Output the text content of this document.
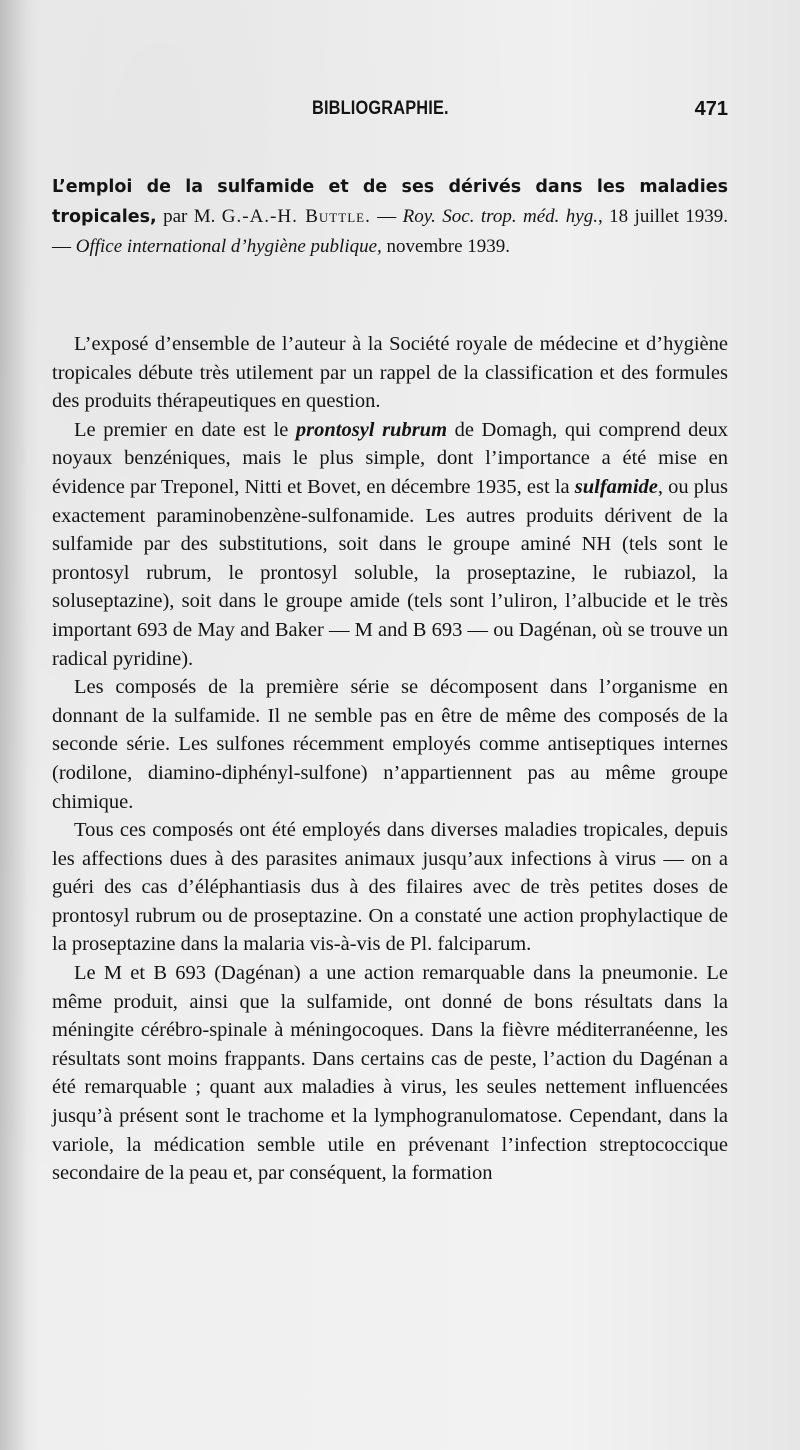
BIBLIOGRAPHIE.	471
L’emploi de la sulfamide et de ses dérivés dans les maladies tropicales, par M. G.-A.-H. Buttle. — Roy. Soc. trop. méd. hyg., 18 juillet 1939. — Office international d’hygiène publique, novembre 1939.

L’exposé d’ensemble de l’auteur à la Société royale de médecine et d’hygiène tropicales débute très utilement par un rappel de la classification et des formules des produits thérapeutiques en question.

Le premier en date est le prontosyl rubrum de Domagh, qui comprend deux noyaux benzéniques, mais le plus simple, dont l’importance a été mise en évidence par Treponel, Nitti et Bovet, en décembre 1935, est la sulfamide, ou plus exactement paraminobenzène-sulfonamide. Les autres produits dérivent de la sulfamide par des substitutions, soit dans le groupe aminé NH (tels sont le prontosyl rubrum, le prontosyl soluble, la proseptazine, le rubiazol, la soluseptazine), soit dans le groupe amide (tels sont l’uliron, l’albucide et le très important 693 de May and Baker — M and B 693 — ou Dagénan, où se trouve un radical pyridine).

Les composés de la première série se décomposent dans l’organisme en donnant de la sulfamide. Il ne semble pas en être de même des composés de la seconde série. Les sulfones récemment employés comme antiseptiques internes (rodilone, diamino-diphényl-sulfone) n’appartiennent pas au même groupe chimique.

Tous ces composés ont été employés dans diverses maladies tropicales, depuis les affections dues à des parasites animaux jusqu’aux infections à virus — on a guéri des cas d’éléphantiasis dus à des filaires avec de très petites doses de prontosyl rubrum ou de proseptazine. On a constaté une action prophylactique de la proseptazine dans la malaria vis-à-vis de Pl. falciparum.

Le M et B 693 (Dagénan) a une action remarquable dans la pneumonie. Le même produit, ainsi que la sulfamide, ont donné de bons résultats dans la méningite cérébro-spinale à méningocoques. Dans la fièvre méditerranéenne, les résultats sont moins frappants. Dans certains cas de peste, l’action du Dagénan a été remarquable ; quant aux maladies à virus, les seules nettement influencées jusqu’à présent sont le trachome et la lymphogranulomatose. Cependant, dans la variole, la médication semble utile en prévenant l’infection streptococcique secondaire de la peau et, par conséquent, la formation
